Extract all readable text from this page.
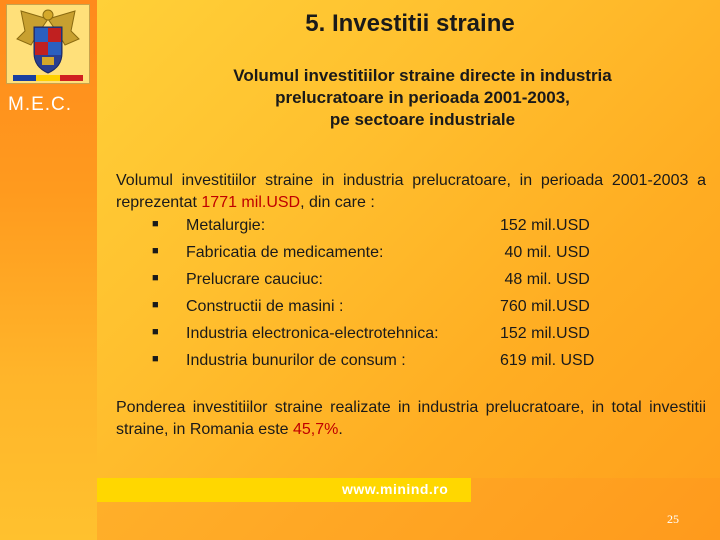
M.E.C.
5. Investitii straine
Volumul investitiilor straine directe in industria
prelucratoare in perioada 2001-2003,
pe sectoare industriale
Volumul investitiilor straine in industria prelucratoare, in perioada 2001-2003 a reprezentat 1771 mil.USD, din care :
■ Metalurgie:	152 mil.USD
■ Fabricatia de medicamente:	40 mil. USD
■ Prelucrare cauciuc:	48 mil. USD
■ Constructii de masini :	760 mil.USD
■ Industria electronica-electrotehnica:	152 mil.USD
■ Industria bunurilor de consum :	619 mil. USD
Ponderea investitiilor straine realizate in industria prelucratoare, in total investitii straine, in Romania este 45,7%.
www.minind.ro
25
